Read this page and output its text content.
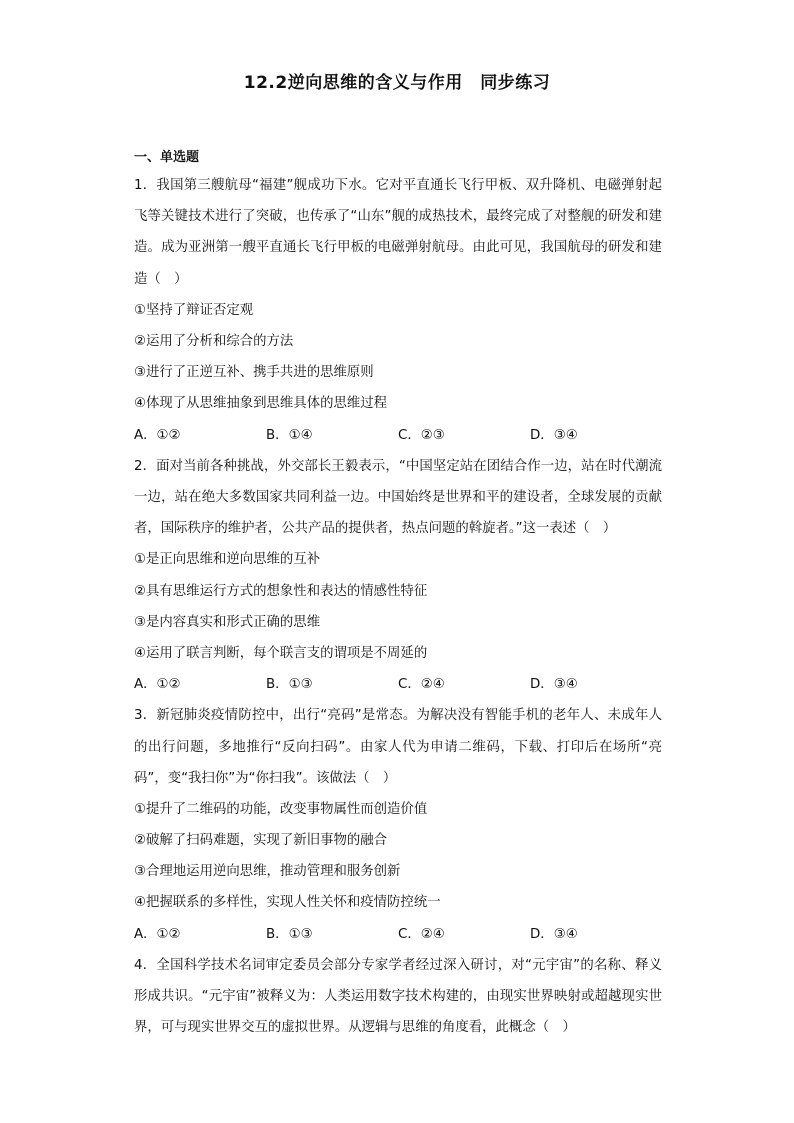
12.2逆向思维的含义与作用　同步练习
一、单选题

1．我国第三艘航母“福建”舰成功下水。它对平直通长飞行甲板、双升降机、电磁弹射起飞等关键技术进行了突破，也传承了“山东”舰的成热技术，最终完成了对整舰的研发和建造。成为亚洲第一艘平直通长飞行甲板的电磁弹射航母。由此可见，我国航母的研发和建造（　）

①坚持了辩证否定观
②运用了分析和综合的方法
③进行了正逆互补、携手共进的思维原则
④体现了从思维抽象到思维具体的思维过程
A．①②	B．①④	C．②③	D．③④

2．面对当前各种挑战，外交部长王毅表示，“中国坚定站在团结合作一边，站在时代潮流一边，站在绝大多数国家共同利益一边。中国始终是世界和平的建设者，全球发展的贡献者，国际秩序的维护者，公共产品的提供者，热点问题的斡旋者。”这一表述（　）

①是正向思维和逆向思维的互补
②具有思维运行方式的想象性和表达的情感性特征
③是内容真实和形式正确的思维
④运用了联言判断，每个联言支的谓项是不周延的
A．①②	B．①③	C．②④	D．③④

3．新冠肺炎疫情防控中，出行“亮码”是常态。为解决没有智能手机的老年人、未成年人的出行问题，多地推行“反向扫码”。由家人代为申请二维码，下载、打印后在场所“亮码”，变“我扫你”为“你扫我”。该做法（　）

①提升了二维码的功能，改变事物属性而创造价值
②破解了扫码难题，实现了新旧事物的融合
③合理地运用逆向思维，推动管理和服务创新
④把握联系的多样性，实现人性关怀和疫情防控统一
A．①②	B．①③	C．②④	D．③④

4．全国科学技术名词审定委员会部分专家学者经过深入研讨，对“元宇宙”的名称、释义形成共识。“元宇宙”被释义为：人类运用数字技术构建的，由现实世界映射或超越现实世界，可与现实世界交互的虚拟世界。从逻辑与思维的角度看，此概念（　）
